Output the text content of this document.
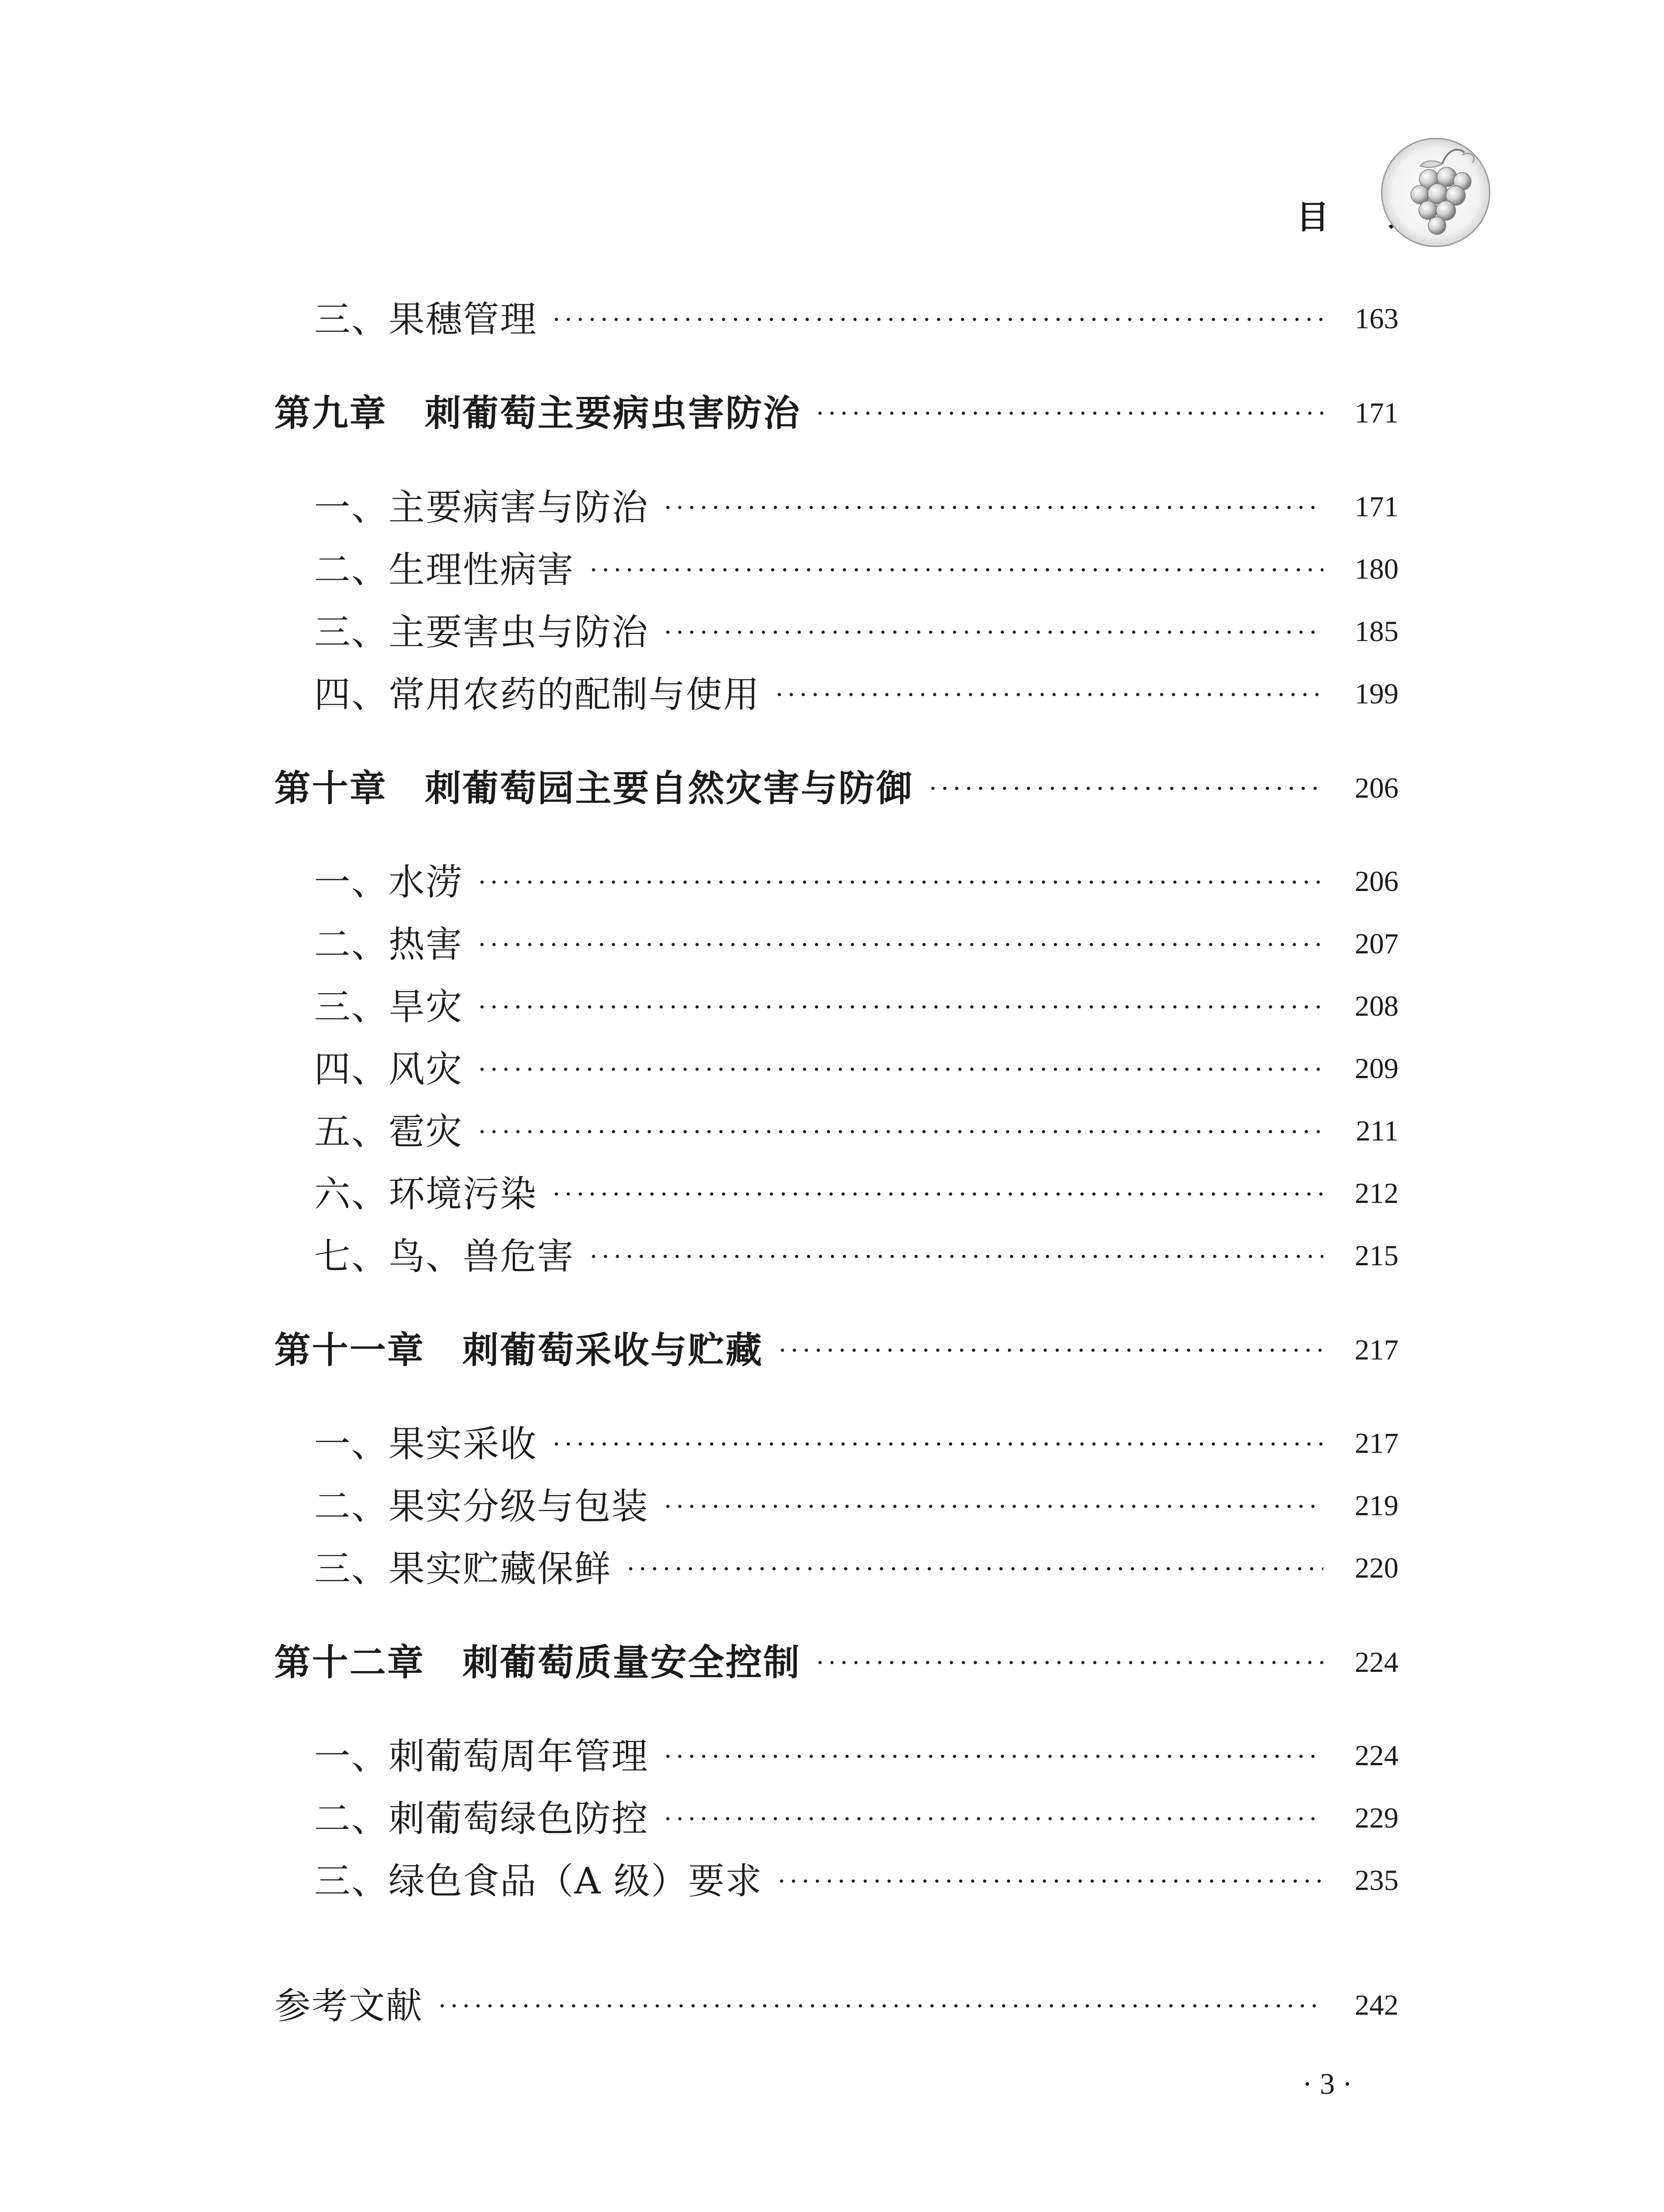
目
三、果穗管理	163
第九章　刺葡萄主要病虫害防治	171
一、主要病害与防治	171
二、生理性病害	180
三、主要害虫与防治	185
四、常用农药的配制与使用	199
第十章　刺葡萄园主要自然灾害与防御	206
一、水涝	206
二、热害	207
三、旱灾	208
四、风灾	209
五、雹灾	211
六、环境污染	212
七、鸟、兽危害	215
第十一章　刺葡萄采收与贮藏	217
一、果实采收	217
二、果实分级与包装	219
三、果实贮藏保鲜	220
第十二章　刺葡萄质量安全控制	224
一、刺葡萄周年管理	224
二、刺葡萄绿色防控	229
三、绿色食品（A 级）要求	235
参考文献	242
· 3 ·
